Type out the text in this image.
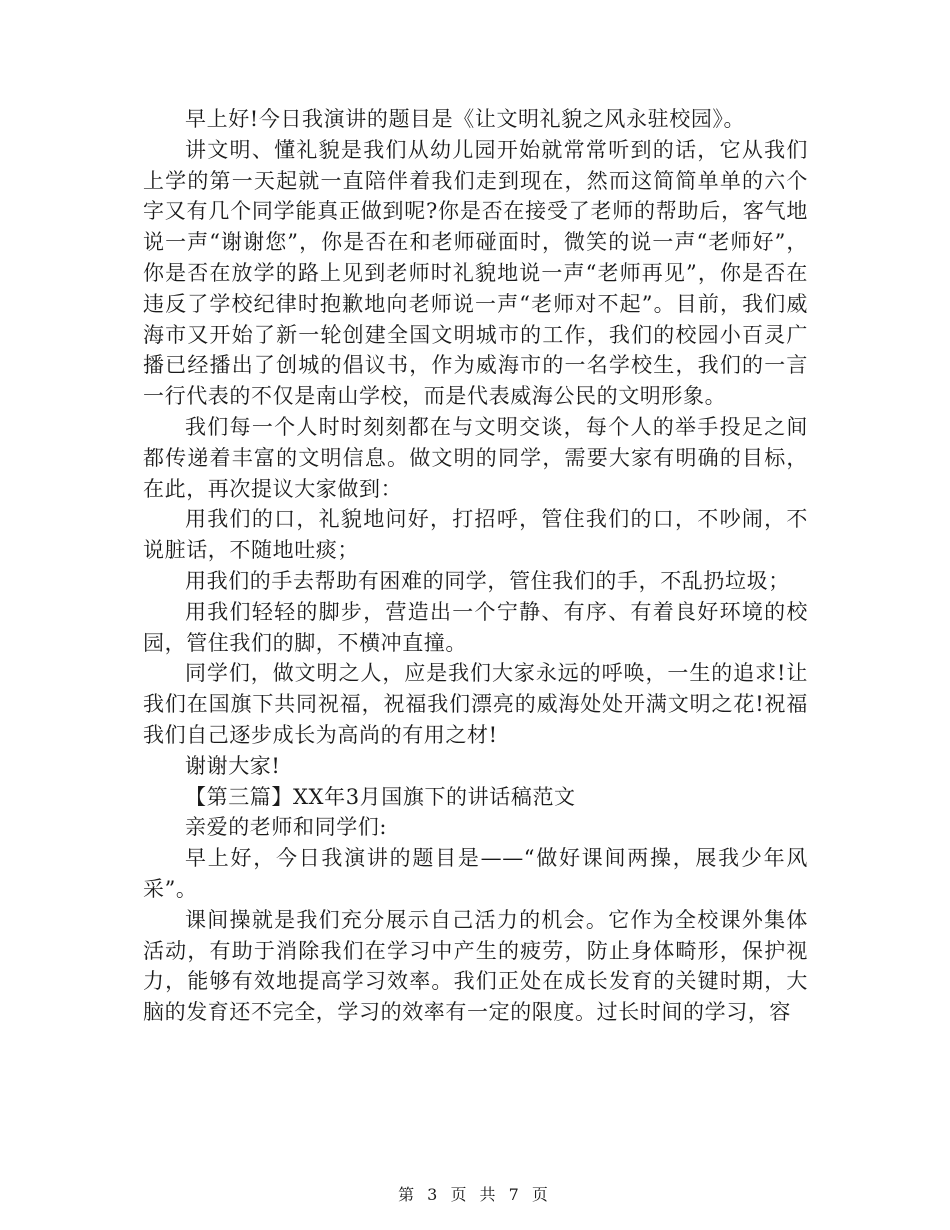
早上好!今日我演讲的题目是《让文明礼貌之风永驻校园》。

讲文明、懂礼貌是我们从幼儿园开始就常常听到的话，它从我们上学的第一天起就一直陪伴着我们走到现在，然而这简简单单的六个字又有几个同学能真正做到呢?你是否在接受了老师的帮助后，客气地说一声“谢谢您”，你是否在和老师碰面时，微笑的说一声“老师好”，你是否在放学的路上见到老师时礼貌地说一声“老师再见”，你是否在违反了学校纪律时抱歉地向老师说一声“老师对不起”。目前，我们威海市又开始了新一轮创建全国文明城市的工作，我们的校园小百灵广播已经播出了创城的倡议书，作为威海市的一名学校生，我们的一言一行代表的不仅是南山学校，而是代表威海公民的文明形象。

我们每一个人时时刻刻都在与文明交谈，每个人的举手投足之间都传递着丰富的文明信息。做文明的同学，需要大家有明确的目标，在此，再次提议大家做到：

用我们的口，礼貌地问好，打招呼，管住我们的口，不吵闹，不说脏话，不随地吐痰；

用我们的手去帮助有困难的同学，管住我们的手，不乱扔垃圾；

用我们轻轻的脚步，营造出一个宁静、有序、有着良好环境的校园，管住我们的脚，不横冲直撞。

同学们，做文明之人，应是我们大家永远的呼唤，一生的追求!让我们在国旗下共同祝福，祝福我们漂亮的威海处处开满文明之花!祝福我们自己逐步成长为高尚的有用之材!

谢谢大家!

【第三篇】XX年3月国旗下的讲话稿范文

亲爱的老师和同学们:

早上好，今日我演讲的题目是——“做好课间两操，展我少年风采”。

课间操就是我们充分展示自己活力的机会。它作为全校课外集体活动，有助于消除我们在学习中产生的疲劳，防止身体畸形，保护视力，能够有效地提高学习效率。我们正处在成长发育的关键时期，大脑的发育还不完全，学习的效率有一定的限度。过长时间的学习，容

第 3 页 共 7 页
